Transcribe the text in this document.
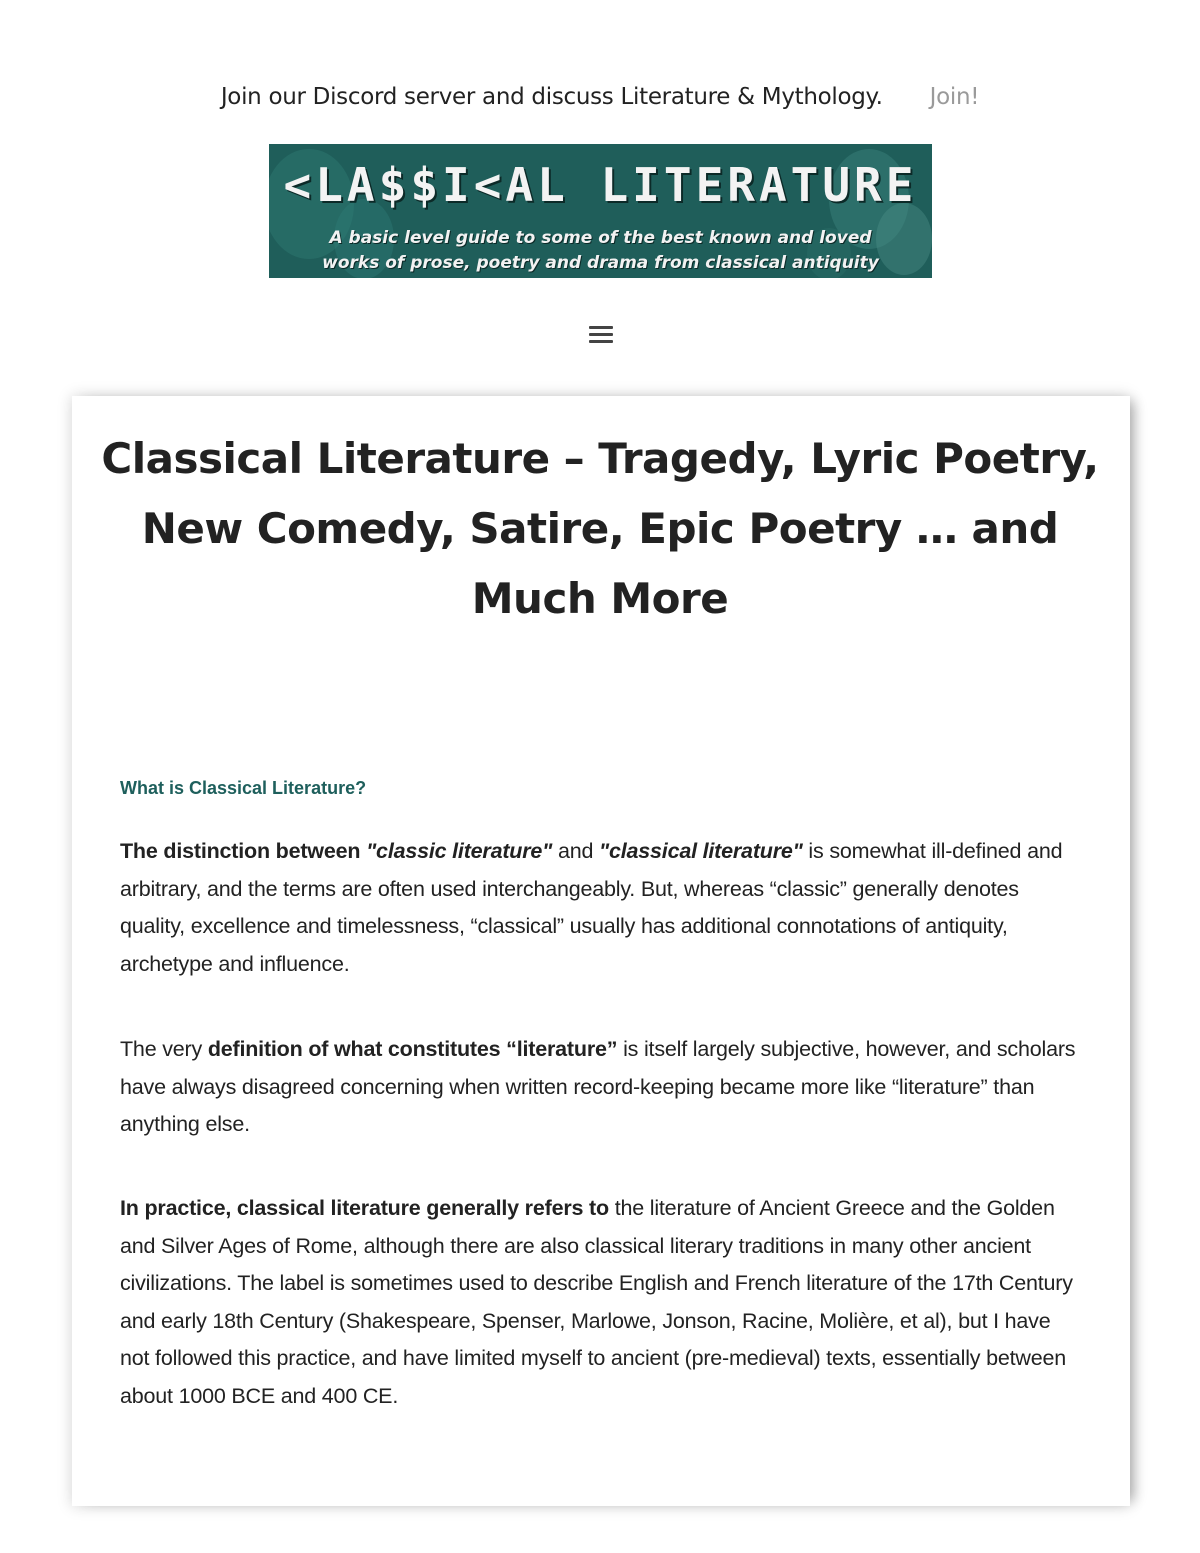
Join our Discord server and discuss Literature & Mythology. Join!
<LA$$I<AL LITERATURE
A basic level guide to some of the best known and loved
works of prose, poetry and drama from classical antiquity
Classical Literature – Tragedy, Lyric Poetry, New Comedy, Satire, Epic Poetry … and Much More
What is Classical Literature?

The distinction between "classic literature" and "classical literature" is somewhat ill-defined and arbitrary, and the terms are often used interchangeably. But, whereas “classic” generally denotes quality, excellence and timelessness, “classical” usually has additional connotations of antiquity, archetype and influence.

The very definition of what constitutes “literature” is itself largely subjective, however, and scholars have always disagreed concerning when written record-keeping became more like “literature” than anything else.

In practice, classical literature generally refers to the literature of Ancient Greece and the Golden and Silver Ages of Rome, although there are also classical literary traditions in many other ancient civilizations. The label is sometimes used to describe English and French literature of the 17th Century and early 18th Century (Shakespeare, Spenser, Marlowe, Jonson, Racine, Molière, et al), but I have not followed this practice, and have limited myself to ancient (pre-medieval) texts, essentially between about 1000 BCE and 400 CE.
